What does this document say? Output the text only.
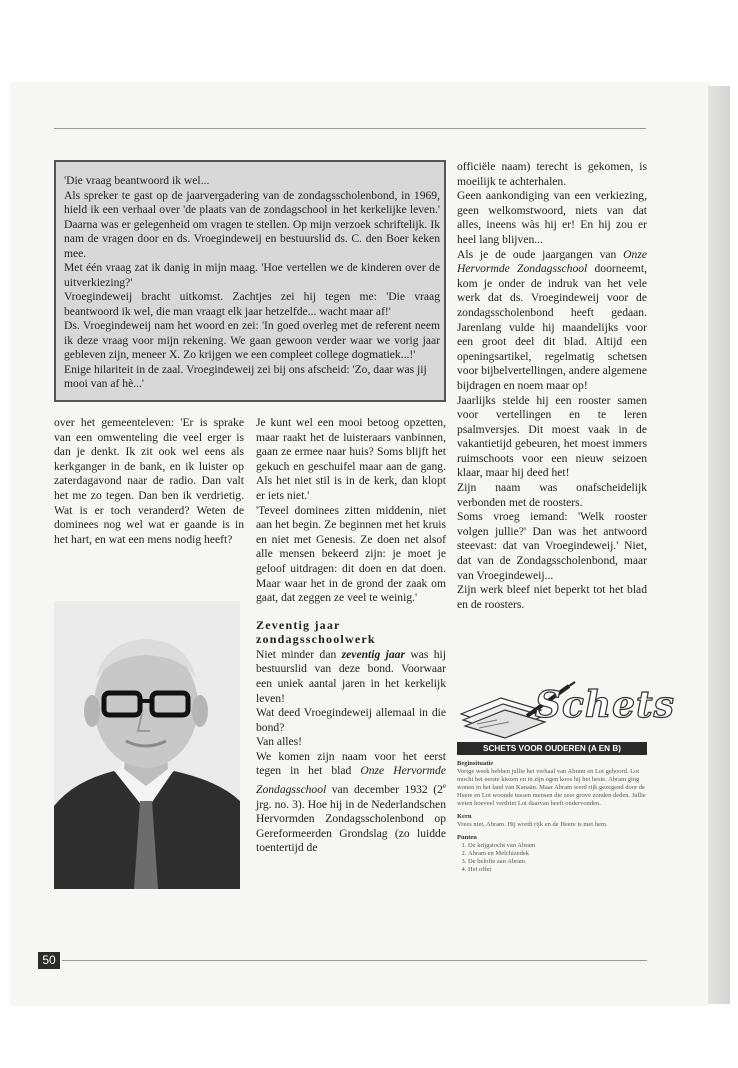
'Die vraag beantwoord ik wel...

Als spreker te gast op de jaarvergadering van de zondagsscholenbond, in 1969, hield ik een verhaal over 'de plaats van de zondagschool in het kerkelijke leven.' Daarna was er gelegenheid om vragen te stellen. Op mijn verzoek schriftelijk. Ik nam de vragen door en ds. Vroegindeweij en bestuurslid ds. C. den Boer keken mee.

Met één vraag zat ik danig in mijn maag. 'Hoe vertellen we de kinderen over de uitverkiezing?'

Vroegindeweij bracht uitkomst. Zachtjes zei hij tegen me: 'Die vraag beantwoord ik wel, die man vraagt elk jaar hetzelfde... wacht maar af!'

Ds. Vroegindeweij nam het woord en zei: 'In goed overleg met de referent neem ik deze vraag voor mijn rekening. We gaan gewoon verder waar we vorig jaar gebleven zijn, meneer X. Zo krijgen we een compleet college dogmatiek...!'

Enige hilariteit in de zaal. Vroegindeweij zei bij ons afscheid: 'Zo, daar was jij mooi van af hè...'

over het gemeenteleven: 'Er is sprake van een omwenteling die veel erger is dan je denkt. Ik zit ook wel eens als kerkganger in de bank, en ik luister op zaterdagavond naar de radio. Dan valt het me zo tegen. Dan ben ik verdrietig. Wat is er toch veranderd? Weten de dominees nog wel wat er gaande is in het hart, en wat een mens nodig heeft?

Je kunt wel een mooi betoog opzetten, maar raakt het de luisteraars vanbinnen, gaan ze ermee naar huis? Soms blijft het gekuch en geschuifel maar aan de gang. Als het niet stil is in de kerk, dan klopt er iets niet.'

'Teveel dominees zitten middenin, niet aan het begin. Ze beginnen met het kruis en niet met Genesis. Ze doen net alsof alle mensen bekeerd zijn: je moet je geloof uitdragen: dit doen en dat doen. Maar waar het in de grond der zaak om gaat, dat zeggen ze veel te weinig.'

Zeventig jaar zondagsschoolwerk

Niet minder dan zeventig jaar was hij bestuurslid van deze bond. Voorwaar een uniek aantal jaren in het kerkelijk leven!

Wat deed Vroegindeweij allemaal in die bond?

Van alles!

We komen zijn naam voor het eerst tegen in het blad Onze Hervormde Zondagsschool van december 1932 (2e jrg. no. 3). Hoe hij in de Nederlandschen Hervormden Zondagsscholenbond op Gereformeerden Grondslag (zo luidde toentertijd de

officiële naam) terecht is gekomen, is moeilijk te achterhalen.

Geen aankondiging van een verkiezing, geen welkomstwoord, niets van dat alles, ineens wàs hij er! En hij zou er heel lang blijven...

Als je de oude jaargangen van Onze Hervormde Zondagsschool doorneemt, kom je onder de indruk van het vele werk dat ds. Vroegindeweij voor de zondagsscholenbond heeft gedaan. Jarenlang vulde hij maandelijks voor een groot deel dit blad. Altijd een openingsartikel, regelmatig schetsen voor bijbelvertellingen, andere algemene bijdragen en noem maar op!

Jaarlijks stelde hij een rooster samen voor vertellingen en te leren psalmversjes. Dit moest vaak in de vakantietijd gebeuren, het moest immers ruimschoots voor een nieuw seizoen klaar, maar hij deed het!

Zijn naam was onafscheidelijk verbonden met de roosters.

Soms vroeg iemand: 'Welk rooster volgen jullie?' Dan was het antwoord steevast: dat van Vroegindeweij.' Niet, dat van de Zondagsscholenbond, maar van Vroegindeweij...

Zijn werk bleef niet beperkt tot het blad en de roosters.

Schets
SCHETS VOOR OUDEREN (A EN B)
Beginsituatie
Vorige week hebben jullie het verhaal van Abram en Lot gehoord. Lot mocht het eerste kiezen en in zijn ogen koos hij het beste. Abram ging wonen in het land van Kanaän. Maar Abram werd rijk gezegend door de Heere en Lot woonde tussen mensen die zeer grove zonden deden. Jullie weten hoeveel verdriet Lot daarvan heeft ondervonden.
Kern
Vrees niet, Abram. Hij wordt rijk en de Heere is met hem.
Punten
1. De krijgstocht van Abram
2. Abram en Melchizedek
3. De belofte aan Abram
4. Het offer
50
